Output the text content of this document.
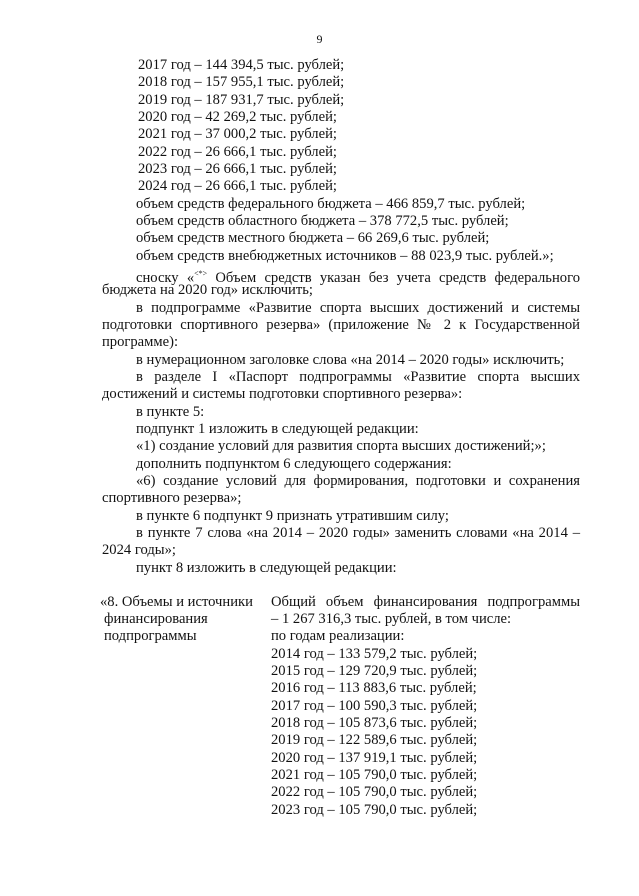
9
2017 год – 144 394,5 тыс. рублей;
2018 год – 157 955,1 тыс. рублей;
2019 год – 187 931,7 тыс. рублей;
2020 год – 42 269,2 тыс. рублей;
2021 год – 37 000,2 тыс. рублей;
2022 год – 26 666,1 тыс. рублей;
2023 год – 26 666,1 тыс. рублей;
2024 год – 26 666,1 тыс. рублей;
объем средств федерального бюджета – 466 859,7 тыс. рублей;
объем средств областного бюджета – 378 772,5 тыс. рублей;
объем средств местного бюджета – 66 269,6 тыс. рублей;
объем средств внебюджетных источников – 88 023,9 тыс. рублей.»;
сноску «<*> Объем средств указан без учета средств федерального
бюджета на 2020 год» исключить;
в подпрограмме «Развитие спорта высших достижений и системы
подготовки спортивного резерва» (приложение № 2 к Государственной
программе):
в нумерационном заголовке слова «на 2014 – 2020 годы» исключить;
в разделе I «Паспорт подпрограммы «Развитие спорта высших
достижений и системы подготовки спортивного резерва»:
в пункте 5:
подпункт 1 изложить в следующей редакции:
«1) создание условий для развития спорта высших достижений;»;
дополнить подпунктом 6 следующего содержания:
«6) создание условий для формирования, подготовки и сохранения
спортивного резерва»;
в пункте 6 подпункт 9 признать утратившим силу;
в пункте 7 слова «на 2014 – 2020 годы» заменить словами «на 2014 –
2024 годы»;
пункт 8 изложить в следующей редакции:
«8. Объемы и источники
финансирования
подпрограммы
Общий объем финансирования подпрограммы
– 1 267 316,3 тыс. рублей, в том числе:
по годам реализации:
2014 год – 133 579,2 тыс. рублей;
2015 год – 129 720,9 тыс. рублей;
2016 год – 113 883,6 тыс. рублей;
2017 год – 100 590,3 тыс. рублей;
2018 год – 105 873,6 тыс. рублей;
2019 год – 122 589,6 тыс. рублей;
2020 год – 137 919,1 тыс. рублей;
2021 год – 105 790,0 тыс. рублей;
2022 год – 105 790,0 тыс. рублей;
2023 год – 105 790,0 тыс. рублей;
